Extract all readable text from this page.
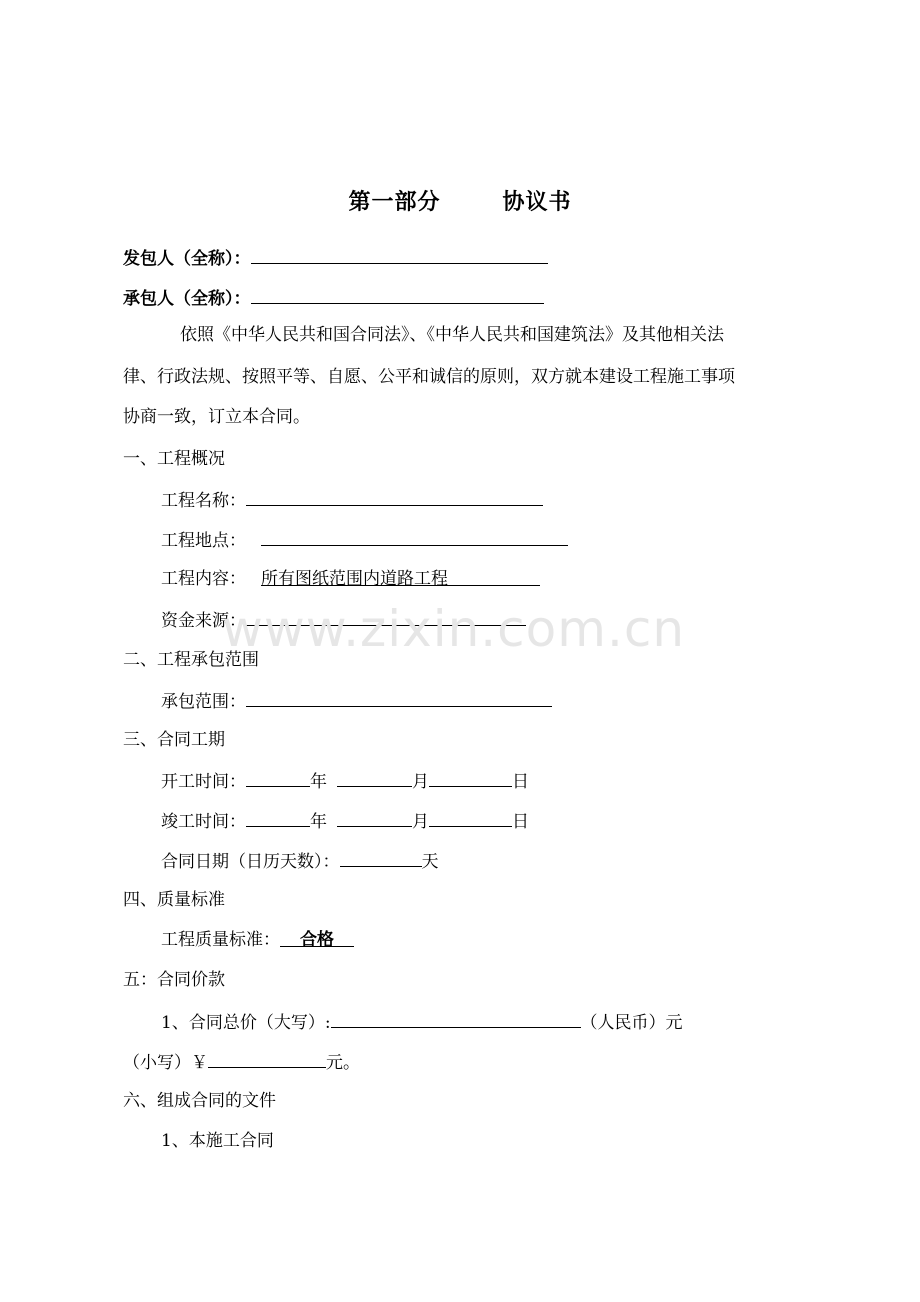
第一部分	协议书
发包人（全称）：
承包人（全称）：
依照《中华人民共和国合同法》、《中华人民共和国建筑法》及其他相关法
律、行政法规、按照平等、自愿、公平和诚信的原则，双方就本建设工程施工事项
协商一致，订立本合同。
一、工程概况
工程名称：
工程地点：
工程内容： 所有图纸范围内道路工程
资金来源：
二、工程承包范围
承包范围：
三、合同工期
开工时间：	年	月	日
竣工时间：	年	月	日
合同日期（日历天数）：	天
四、质量标准
工程质量标准： 合格
五：合同价款
1、合同总价（大写）:	（人民币）元
（小写）￥	元。
六、组成合同的文件
1、本施工合同
www.zixin.com.cn
